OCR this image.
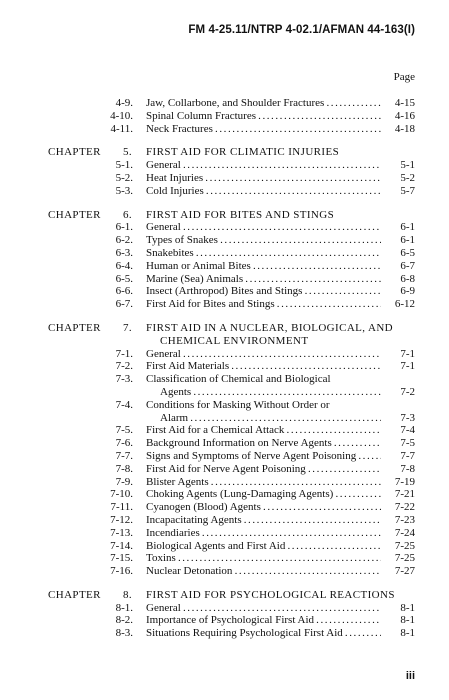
FM 4-25.11/NTRP 4-02.1/AFMAN 44-163(I)
Page
4-9. Jaw, Collarbone, and Shoulder Fractures . . .	4-15
4-10. Spinal Column Fractures . . .	4-16
4-11. Neck Fractures . . .	4-18
CHAPTER 5. FIRST AID FOR CLIMATIC INJURIES
5-1. General . . .	5-1
5-2. Heat Injuries . . .	5-2
5-3. Cold Injuries . . .	5-7
CHAPTER 6. FIRST AID FOR BITES AND STINGS
6-1. General . . .	6-1
6-2. Types of Snakes . . .	6-1
6-3. Snakebites . . .	6-5
6-4. Human or Animal Bites . . .	6-7
6-5. Marine (Sea) Animals . . .	6-8
6-6. Insect (Arthropod) Bites and Stings . . .	6-9
6-7. First Aid for Bites and Stings . . .	6-12
CHAPTER 7. FIRST AID IN A NUCLEAR, BIOLOGICAL, AND
CHEMICAL ENVIRONMENT
7-1. General . . .	7-1
7-2. First Aid Materials . . .	7-1
7-3. Classification of Chemical and Biological
Agents . . .	7-2
7-4. Conditions for Masking Without Order or
Alarm . . .	7-3
7-5. First Aid for a Chemical Attack . . .	7-4
7-6. Background Information on Nerve Agents . . .	7-5
7-7. Signs and Symptoms of Nerve Agent Poisoning . . .	7-7
7-8. First Aid for Nerve Agent Poisoning . . .	7-8
7-9. Blister Agents . . .	7-19
7-10. Choking Agents (Lung-Damaging Agents) . . .	7-21
7-11. Cyanogen (Blood) Agents . . .	7-22
7-12. Incapacitating Agents . . .	7-23
7-13. Incendiaries . . .	7-24
7-14. Biological Agents and First Aid . . .	7-25
7-15. Toxins . . .	7-25
7-16. Nuclear Detonation . . .	7-27
CHAPTER 8. FIRST AID FOR PSYCHOLOGICAL REACTIONS
8-1. General . . .	8-1
8-2. Importance of Psychological First Aid . . .	8-1
8-3. Situations Requiring Psychological First Aid . . .	8-1
iii
